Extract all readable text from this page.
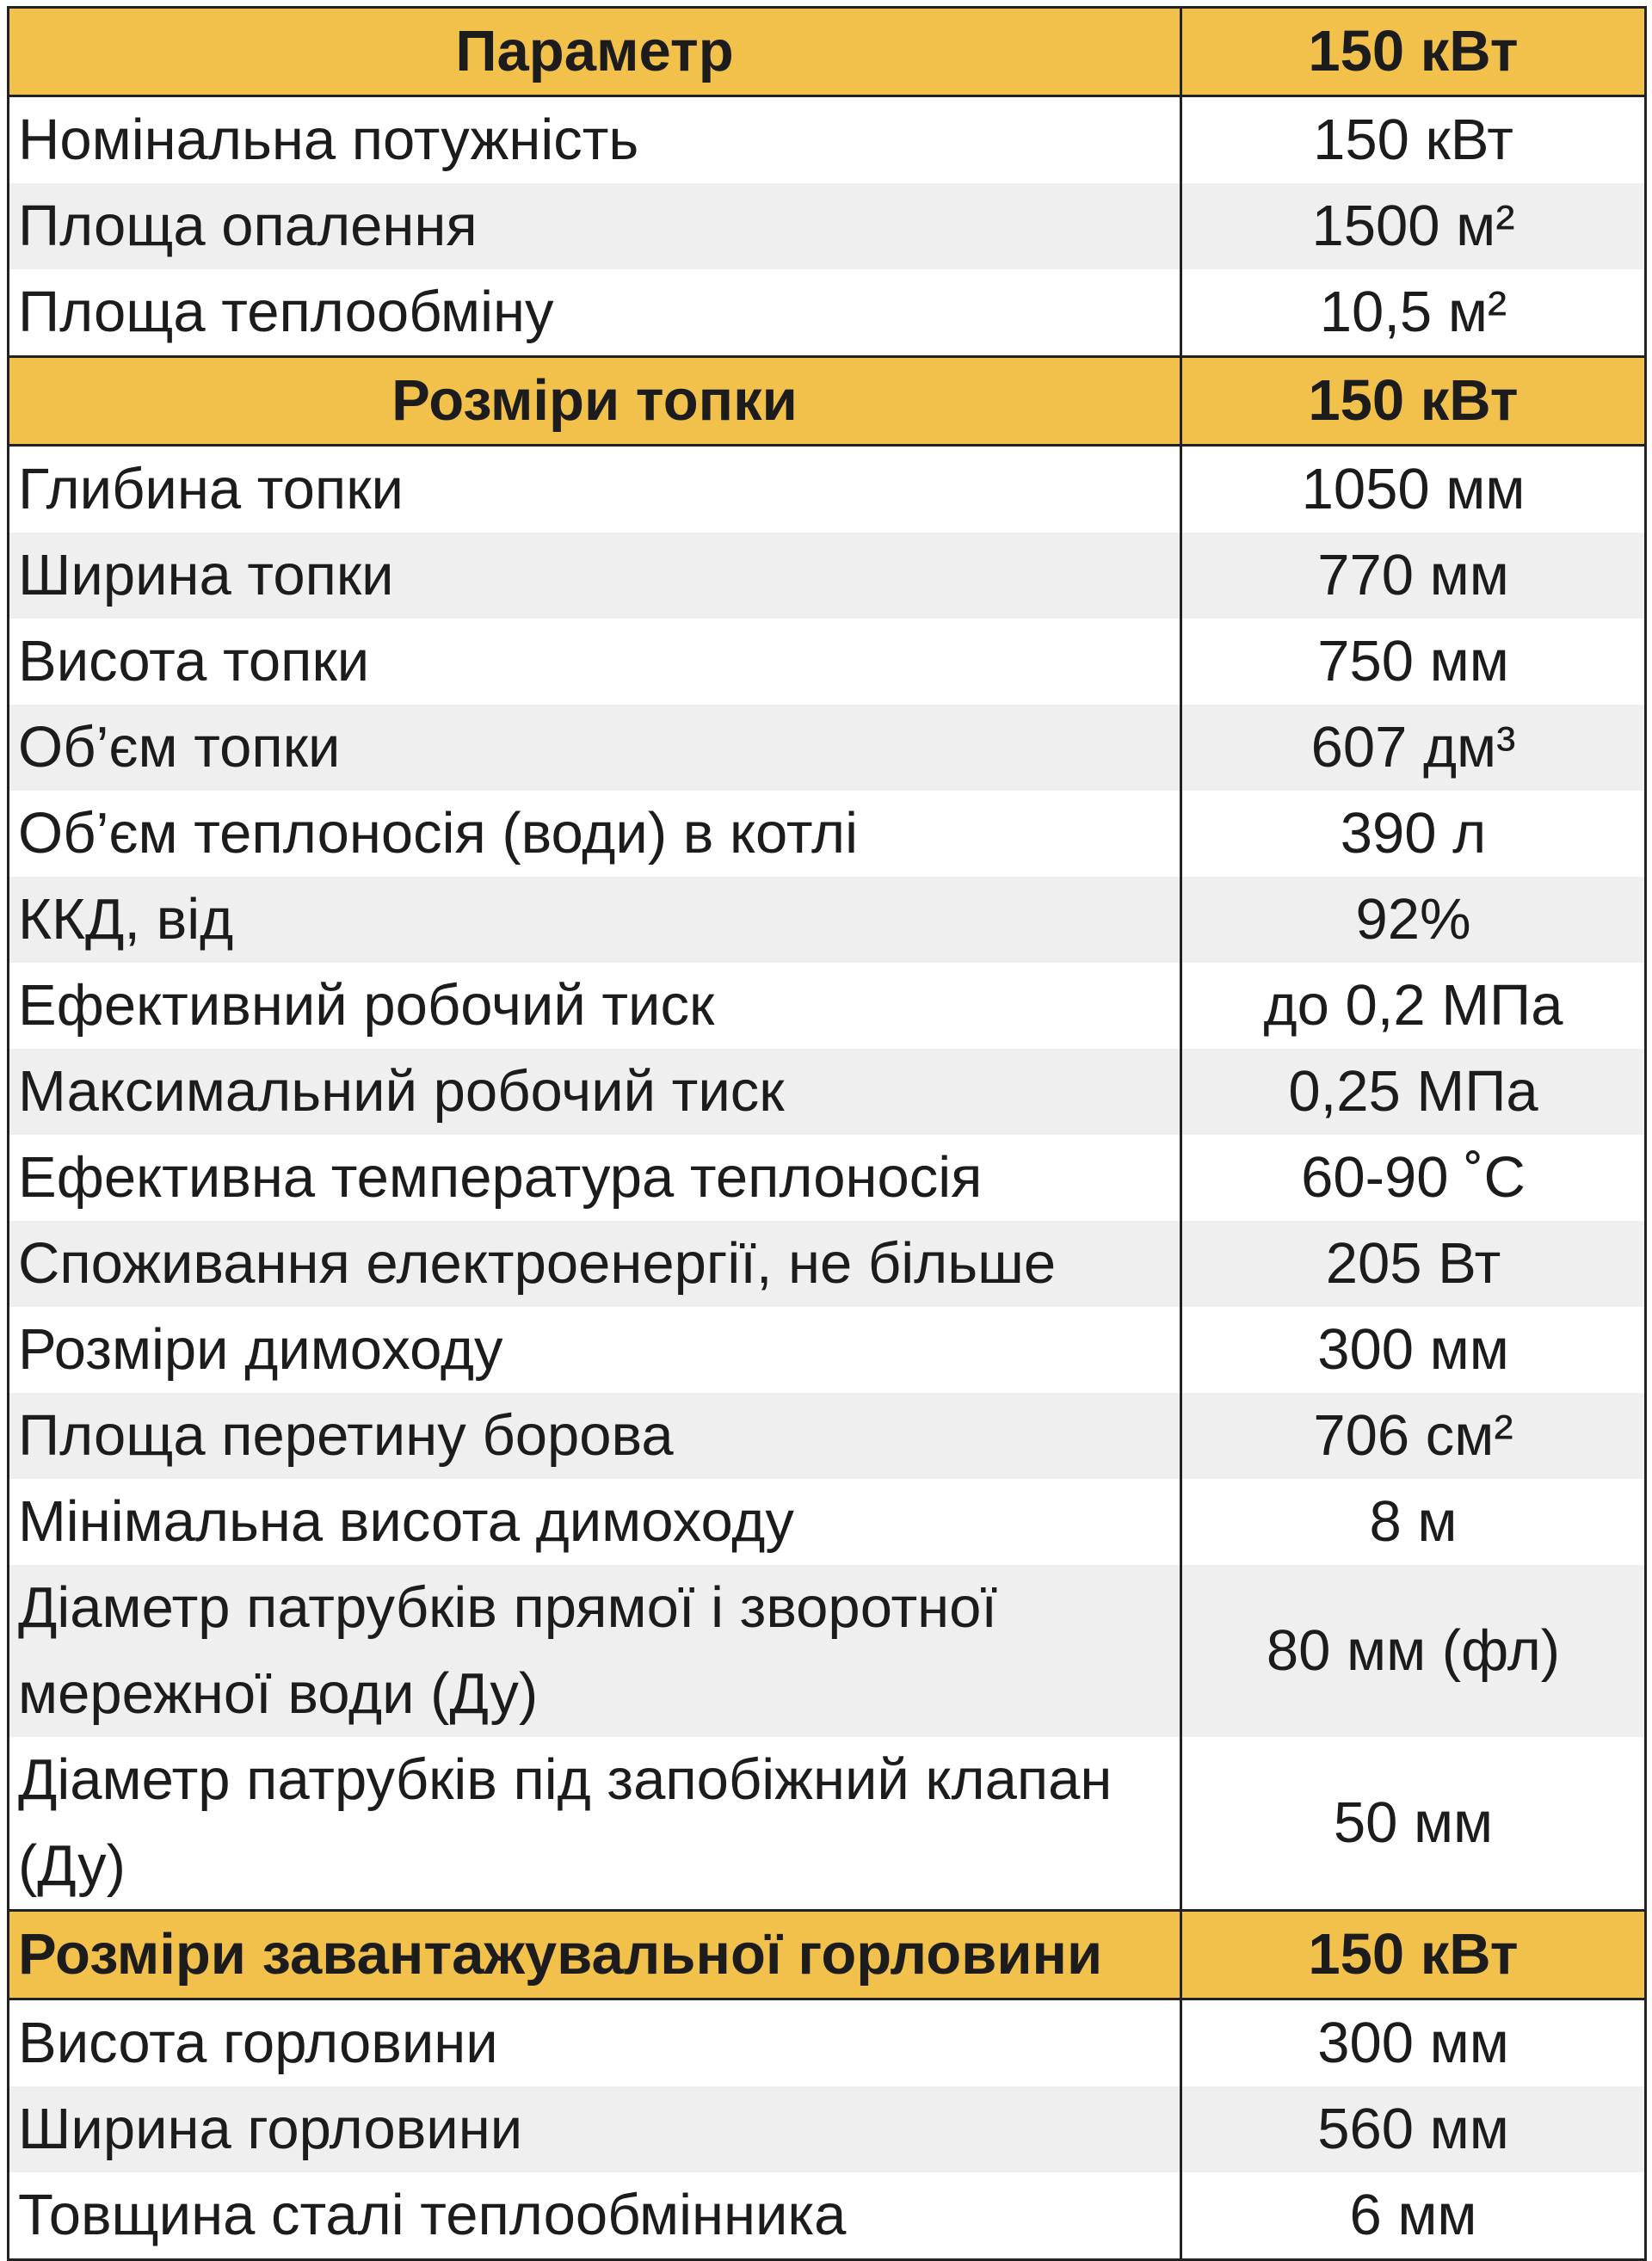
Параметр	150 кВт
Номінальна потужність	150 кВт
Площа опалення	1500 м²
Площа теплообміну	10,5 м²
Розміри топки	150 кВт
Глибина топки	1050 мм
Ширина топки	770 мм
Висота топки	750 мм
Об’єм топки	607 дм³
Об’єм теплоносія (води) в котлі	390 л
ККД, від	92%
Ефективний робочий тиск	до 0,2 МПа
Максимальний робочий тиск	0,25 МПа
Ефективна температура теплоносія	60-90 ˚С
Споживання електроенергії, не більше	205 Вт
Розміри димоходу	300 мм
Площа перетину борова	706 см²
Мінімальна висота димоходу	8 м
Діаметр патрубків прямої і зворотної мережної води (Ду)	80 мм (фл)
Діаметр патрубків під запобіжний клапан (Ду)	50 мм
Розміри завантажувальної горловини	150 кВт
Висота горловини	300 мм
Ширина горловини	560 мм
Товщина сталі теплообмінника	6 мм
